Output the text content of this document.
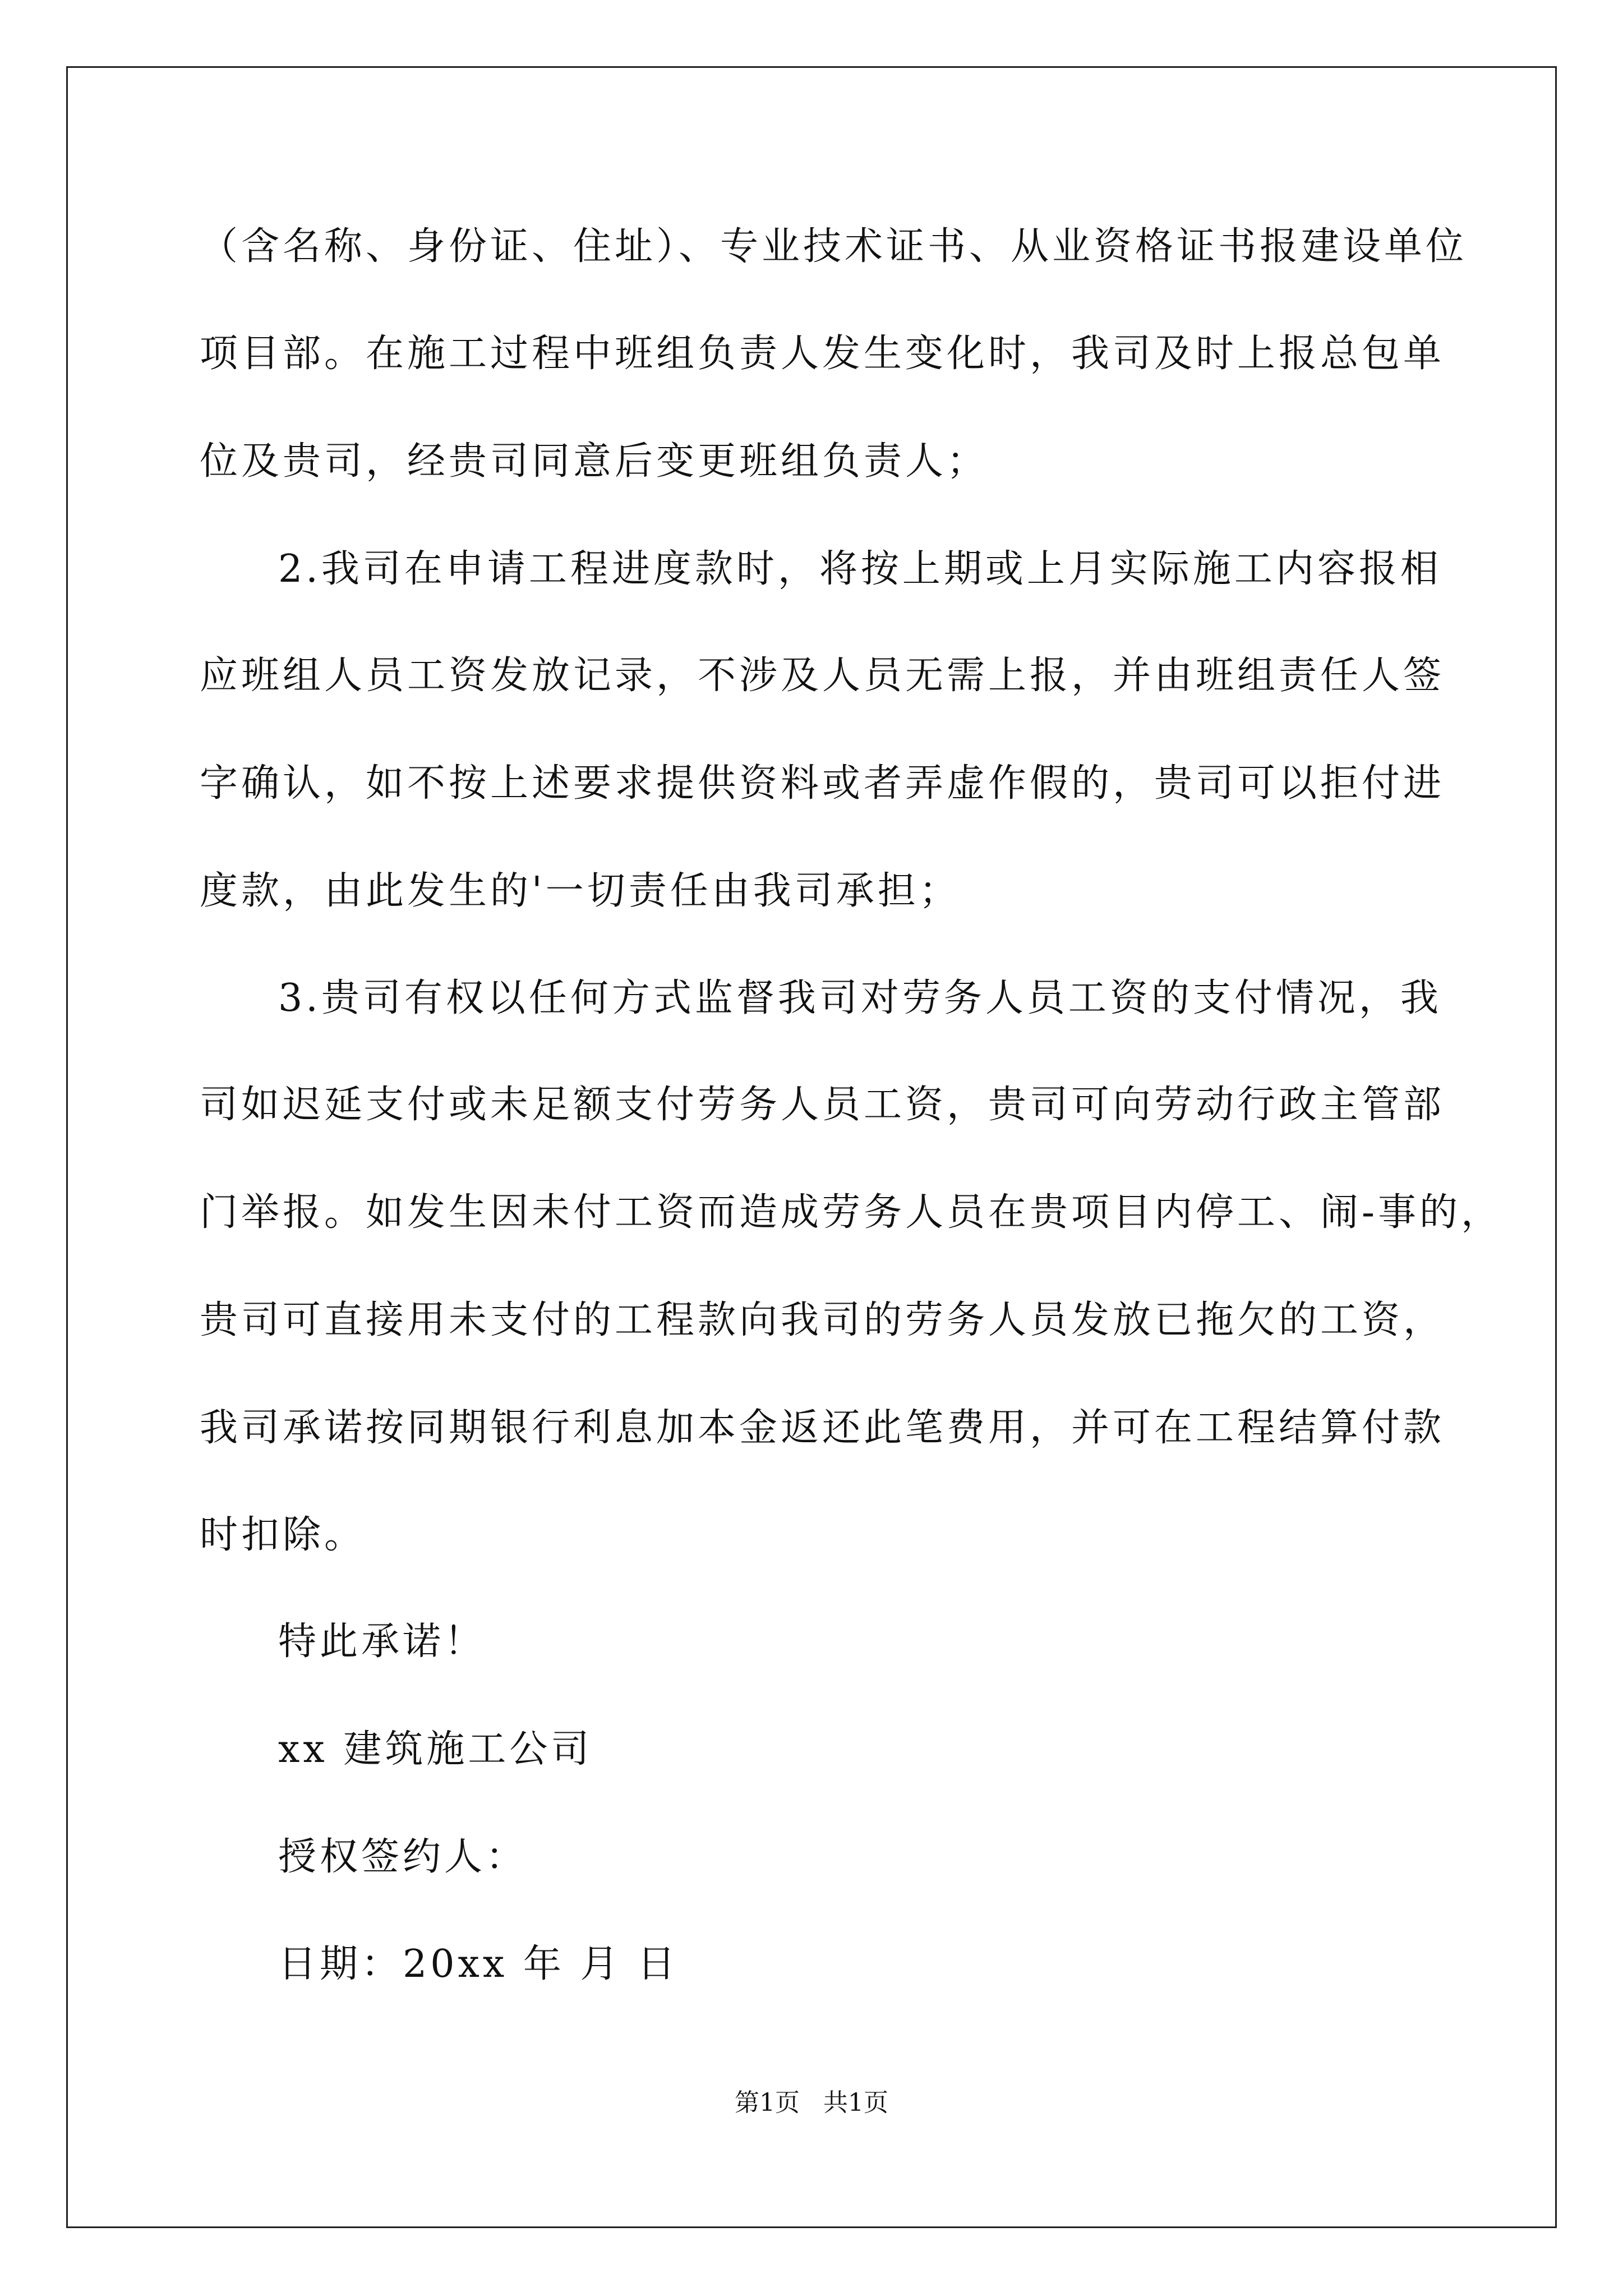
（含名称、身份证、住址）、专业技术证书、从业资格证书报建设单位
项目部。在施工过程中班组负责人发生变化时，我司及时上报总包单
位及贵司，经贵司同意后变更班组负责人；
2.我司在申请工程进度款时，将按上期或上月实际施工内容报相
应班组人员工资发放记录，不涉及人员无需上报，并由班组责任人签
字确认，如不按上述要求提供资料或者弄虚作假的，贵司可以拒付进
度款，由此发生的'一切责任由我司承担；
3.贵司有权以任何方式监督我司对劳务人员工资的支付情况，我
司如迟延支付或未足额支付劳务人员工资，贵司可向劳动行政主管部
门举报。如发生因未付工资而造成劳务人员在贵项目内停工、闹-事的，
贵司可直接用未支付的工程款向我司的劳务人员发放已拖欠的工资，
我司承诺按同期银行利息加本金返还此笔费用，并可在工程结算付款
时扣除。
特此承诺！
xx 建筑施工公司
授权签约人：
日期：20xx 年 月 日
第1页   共1页
